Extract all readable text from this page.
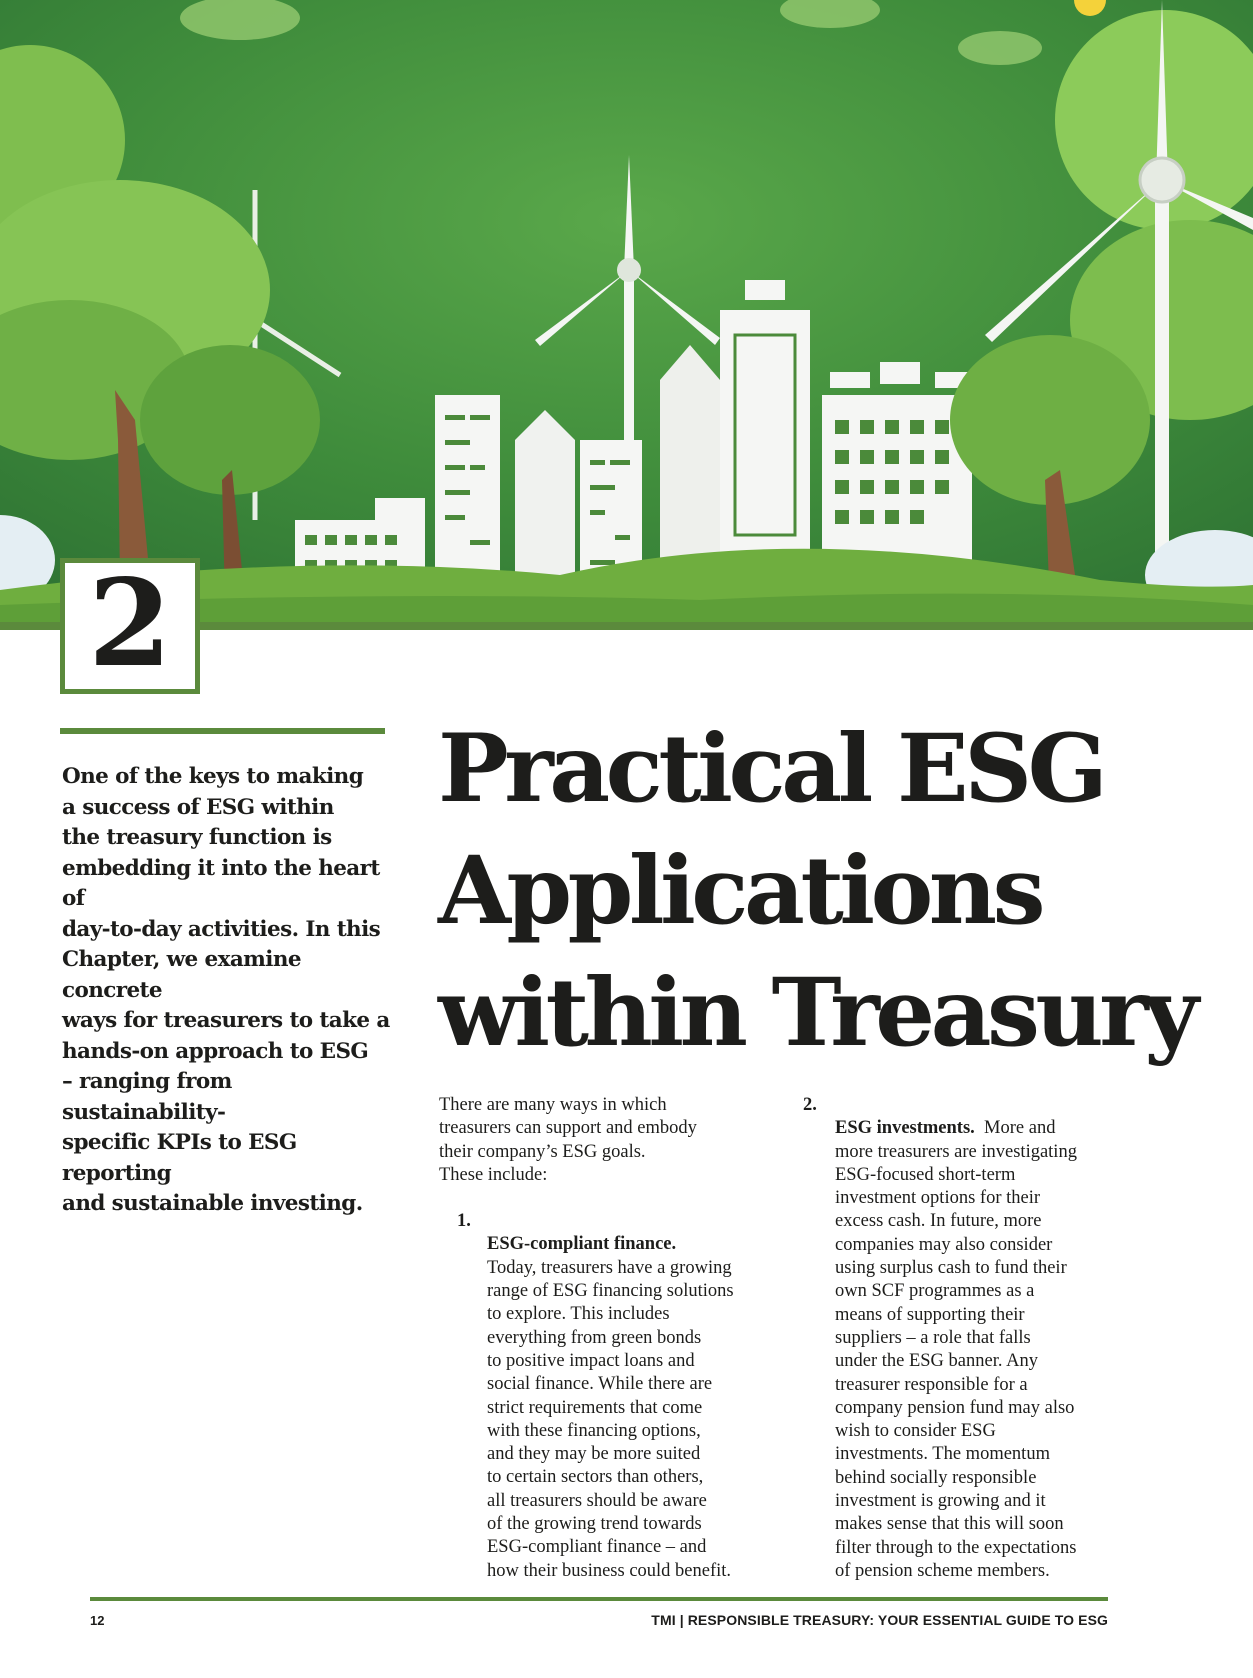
2

One of the keys to making
a success of ESG within
the treasury function is
embedding it into the heart of
day-to-day activities. In this
Chapter, we examine concrete
ways for treasurers to take a
hands-on approach to ESG
– ranging from sustainability-
specific KPIs to ESG reporting
and sustainable investing.

Practical ESG
Applications
within Treasury

There are many ways in which
treasurers can support and embody
their company’s ESG goals.
These include:

1.
ESG-compliant finance.
Today, treasurers have a growing
range of ESG financing solutions
to explore. This includes
everything from green bonds
to positive impact loans and
social finance. While there are
strict requirements that come
with these financing options,
and they may be more suited
to certain sectors than others,
all treasurers should be aware
of the growing trend towards
ESG-compliant finance – and
how their business could benefit.

2.
ESG investments. More and
more treasurers are investigating
ESG-focused short-term
investment options for their
excess cash. In future, more
companies may also consider
using surplus cash to fund their
own SCF programmes as a
means of supporting their
suppliers – a role that falls
under the ESG banner. Any
treasurer responsible for a
company pension fund may also
wish to consider ESG
investments. The momentum
behind socially responsible
investment is growing and it
makes sense that this will soon
filter through to the expectations
of pension scheme members.

12	TMI | RESPONSIBLE TREASURY: YOUR ESSENTIAL GUIDE TO ESG
